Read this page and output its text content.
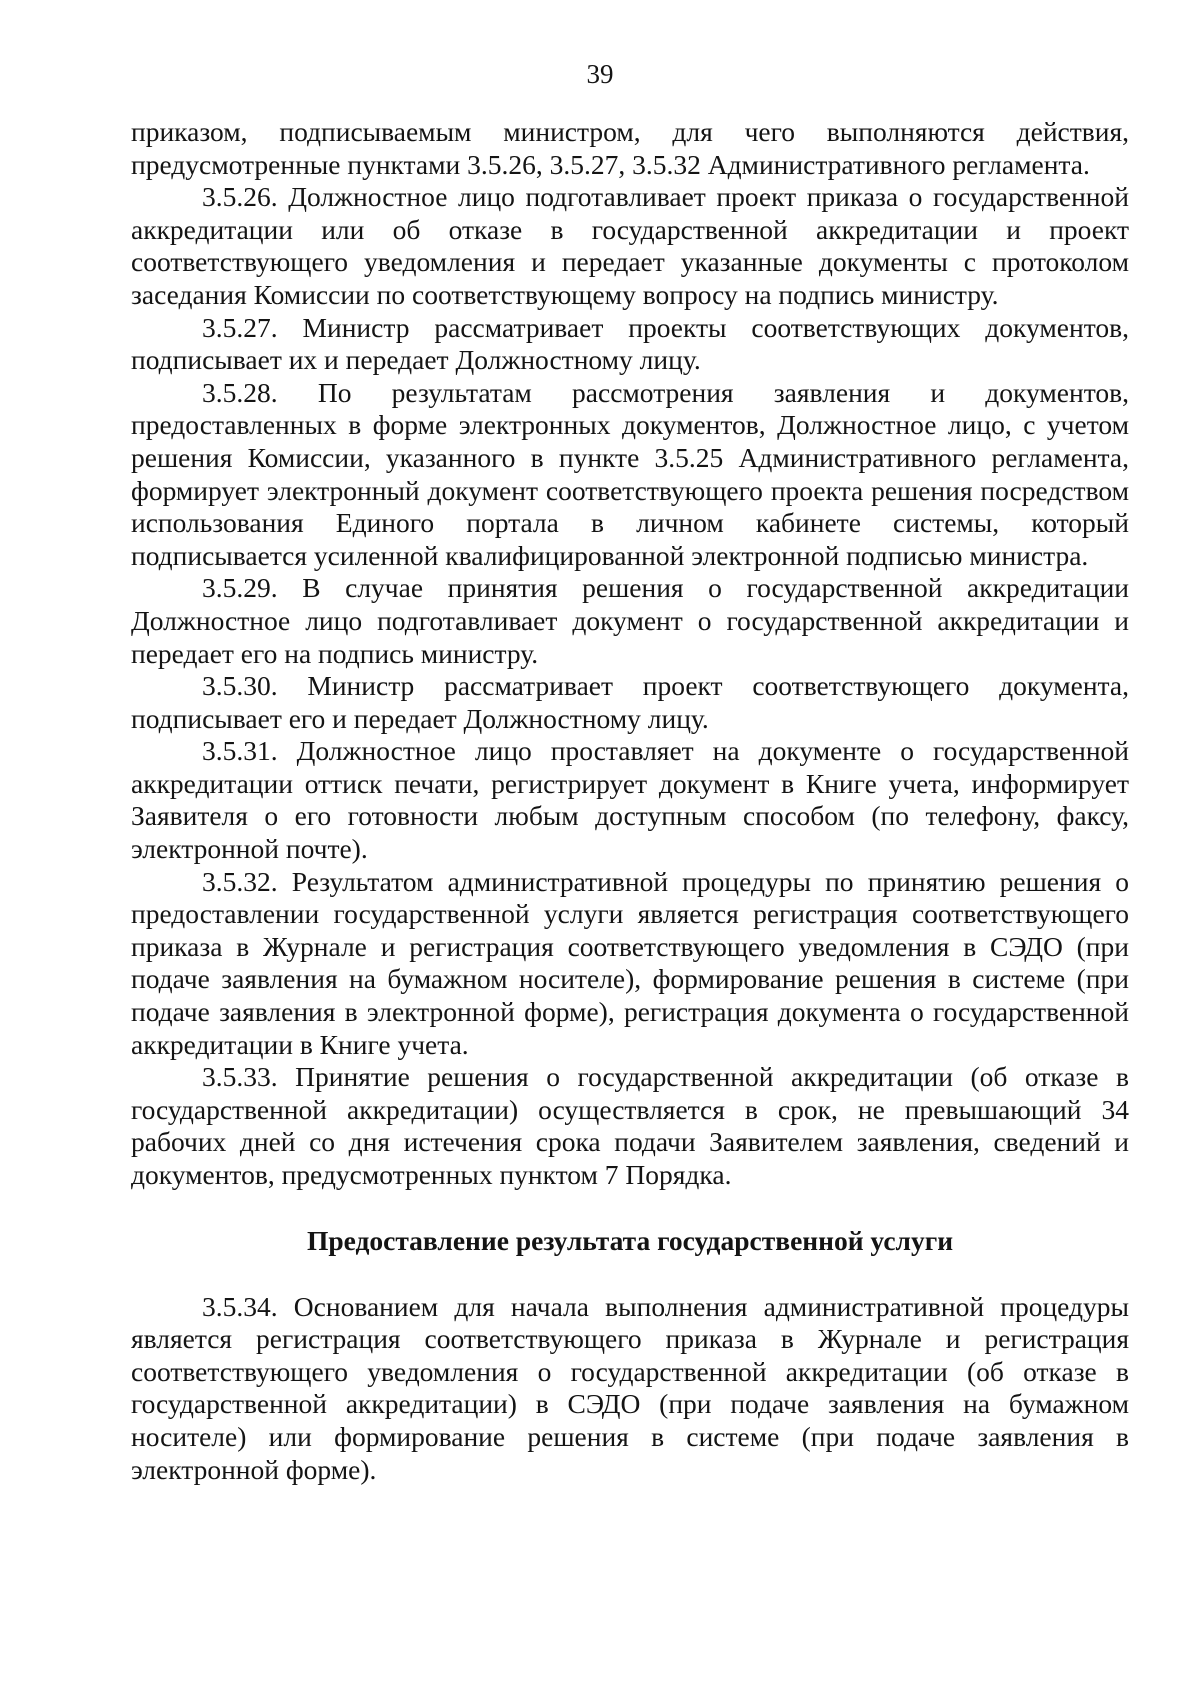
39

приказом, подписываемым министром, для чего выполняются действия, предусмотренные пунктами 3.5.26, 3.5.27, 3.5.32 Административного регламента.

3.5.26. Должностное лицо подготавливает проект приказа о государственной аккредитации или об отказе в государственной аккредитации и проект соответствующего уведомления и передает указанные документы с протоколом заседания Комиссии по соответствующему вопросу на подпись министру.

3.5.27. Министр рассматривает проекты соответствующих документов, подписывает их и передает Должностному лицу.

3.5.28. По результатам рассмотрения заявления и документов, предоставленных в форме электронных документов, Должностное лицо, с учетом решения Комиссии, указанного в пункте 3.5.25 Административного регламента, формирует электронный документ соответствующего проекта решения посредством использования Единого портала в личном кабинете системы, который подписывается усиленной квалифицированной электронной подписью министра.

3.5.29. В случае принятия решения о государственной аккредитации Должностное лицо подготавливает документ о государственной аккредитации и передает его на подпись министру.

3.5.30. Министр рассматривает проект соответствующего документа, подписывает его и передает Должностному лицу.

3.5.31. Должностное лицо проставляет на документе о государственной аккредитации оттиск печати, регистрирует документ в Книге учета, информирует Заявителя о его готовности любым доступным способом (по телефону, факсу, электронной почте).

3.5.32. Результатом административной процедуры по принятию решения о предоставлении государственной услуги является регистрация соответствующего приказа в Журнале и регистрация соответствующего уведомления в СЭДО (при подаче заявления на бумажном носителе), формирование решения в системе (при подаче заявления в электронной форме), регистрация документа о государственной аккредитации в Книге учета.

3.5.33. Принятие решения о государственной аккредитации (об отказе в государственной аккредитации) осуществляется в срок, не превышающий 34 рабочих дней со дня истечения срока подачи Заявителем заявления, сведений и документов, предусмотренных пунктом 7 Порядка.

Предоставление результата государственной услуги

3.5.34. Основанием для начала выполнения административной процедуры является регистрация соответствующего приказа в Журнале и регистрация соответствующего уведомления о государственной аккредитации (об отказе в государственной аккредитации) в СЭДО (при подаче заявления на бумажном носителе) или формирование решения в системе (при подаче заявления в электронной форме).
